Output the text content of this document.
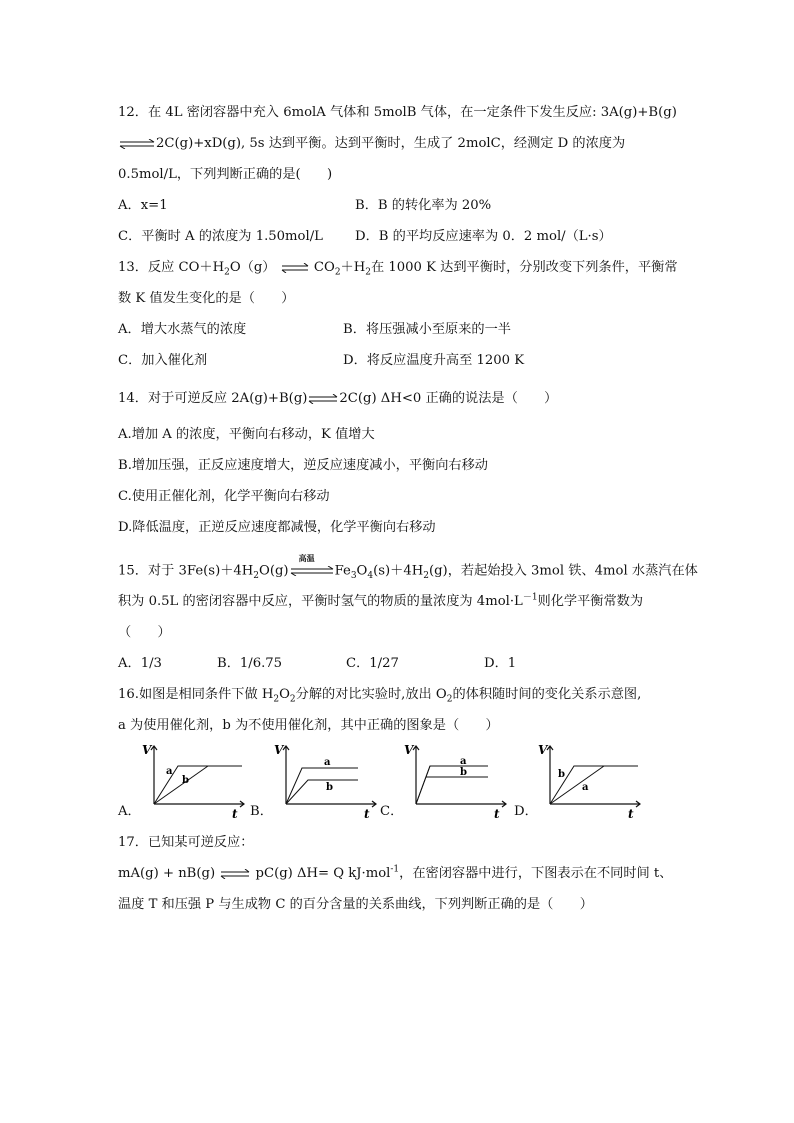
12．在 4L 密闭容器中充入 6molA 气体和 5molB 气体，在一定条件下发生反应: 3A(g)+B(g)
⇌2C(g)+xD(g), 5s 达到平衡。达到平衡时，生成了 2molC，经测定 D 的浓度为
0.5mol/L，下列判断正确的是(　　)
A．x=1	B．B 的转化率为 20%
C．平衡时 A 的浓度为 1.50mol/L D．B 的平均反应速率为 0．2 mol/（L·s）
13．反应 $CO+H_2O(g)$ ⇌ $CO_2+H_2$在 1000 K 达到平衡时，分别改变下列条件，平衡常
数 K 值发生变化的是（　　）
A．增大水蒸气的浓度	B．将压强减小至原来的一半
C．加入催化剂	D．将反应温度升高至 1200 K
14．对于可逆反应 2A(g)+B(g)⇌2C(g) ΔH<0 正确的说法是（　　）
A.增加 A 的浓度，平衡向右移动，K 值增大
B.增加压强，正反应速度增大，逆反应速度减小，平衡向右移动
C.使用正催化剂，化学平衡向右移动
D.降低温度，正逆反应速度都减慢，化学平衡向右移动
15．对于 $3Fe(s)+4H_2O(g)$
高温
$Fe_3O_4(s)+4H_2(g)$，若起始投入 3mol 铁、4mol 水蒸汽在体
积为 0.5L 的密闭容器中反应，平衡时氢气的物质的量浓度为 $4mol\cdot L^{-1}$则化学平衡常数为
（　　）
A．1/3	B．1/6.75	C．1/27	D．1
16.如图是相同条件下做 $H_2O_2$分解的对比实验时,放出 $O_2$的体积随时间的变化关系示意图,
a 为使用催化剂，b 为不使用催化剂，其中正确的图象是（　　）
A．
V
t
a
b
B．
V
t
a
b
C．
V
t
a
b
D．
V
t
b
a
17．已知某可逆反应：
mA(g) + nB(g) ⇌ pC(g) ΔH= Q kJ·mol$^{-1}$，在密闭容器中进行，下图表示在不同时间 t、
温度 T 和压强 P 与生成物 C 的百分含量的关系曲线，下列判断正确的是（　　）
